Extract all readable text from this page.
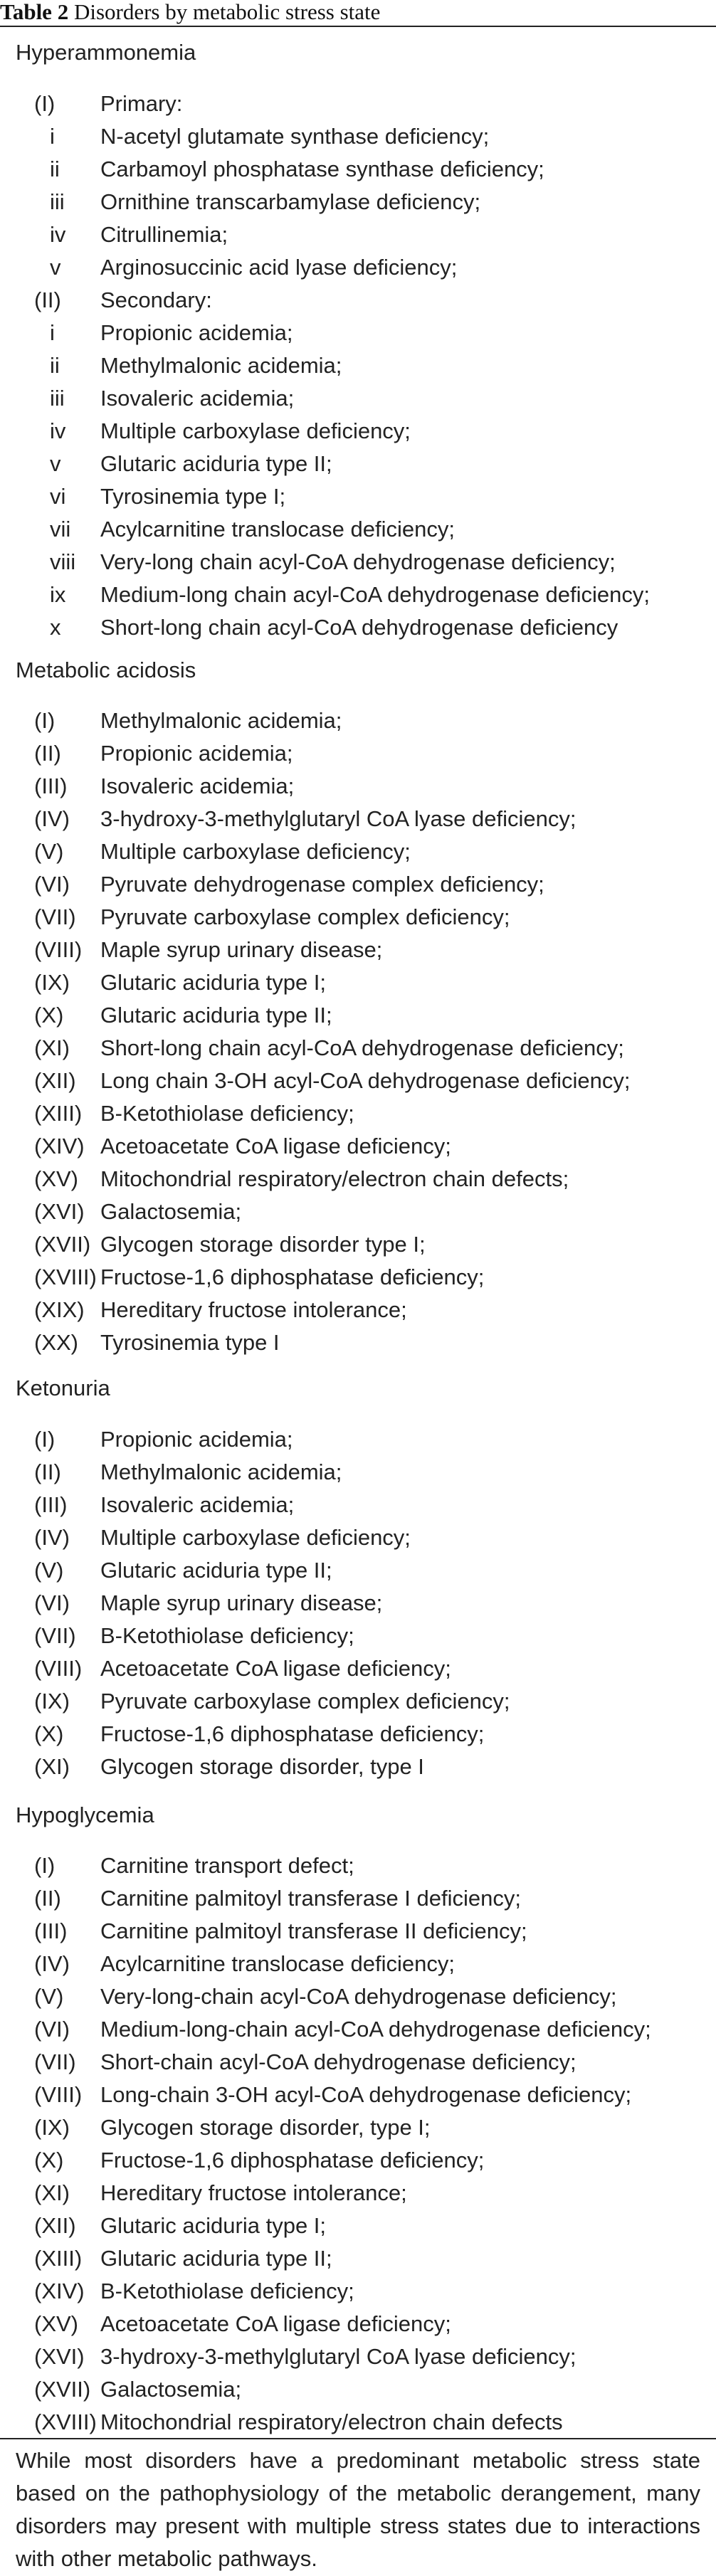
Table 2 Disorders by metabolic stress state
Hyperammonemia
Metabolic acidosis
Ketonuria
Hypoglycemia
(I) Primary:
i N-acetyl glutamate synthase deficiency;
ii Carbamoyl phosphatase synthase deficiency;
iii Ornithine transcarbamylase deficiency;
iv Citrullinemia;
v Arginosuccinic acid lyase deficiency;
(II) Secondary:
i Propionic acidemia;
ii Methylmalonic acidemia;
iii Isovaleric acidemia;
iv Multiple carboxylase deficiency;
v Glutaric aciduria type II;
vi Tyrosinemia type I;
vii Acylcarnitine translocase deficiency;
viii Very-long chain acyl-CoA dehydrogenase deficiency;
ix Medium-long chain acyl-CoA dehydrogenase deficiency;
x Short-long chain acyl-CoA dehydrogenase deficiency
(I) Methylmalonic acidemia;
(II) Propionic acidemia;
(III) Isovaleric acidemia;
(IV) 3-hydroxy-3-methylglutaryl CoA lyase deficiency;
(V) Multiple carboxylase deficiency;
(VI) Pyruvate dehydrogenase complex deficiency;
(VII) Pyruvate carboxylase complex deficiency;
(VIII) Maple syrup urinary disease;
(IX) Glutaric aciduria type I;
(X) Glutaric aciduria type II;
(XI) Short-long chain acyl-CoA dehydrogenase deficiency;
(XII) Long chain 3-OH acyl-CoA dehydrogenase deficiency;
(XIII) B-Ketothiolase deficiency;
(XIV) Acetoacetate CoA ligase deficiency;
(XV) Mitochondrial respiratory/electron chain defects;
(XVI) Galactosemia;
(XVII) Glycogen storage disorder type I;
(XVIII) Fructose-1,6 diphosphatase deficiency;
(XIX) Hereditary fructose intolerance;
(XX) Tyrosinemia type I
(I) Propionic acidemia;
(II) Methylmalonic acidemia;
(III) Isovaleric acidemia;
(IV) Multiple carboxylase deficiency;
(V) Glutaric aciduria type II;
(VI) Maple syrup urinary disease;
(VII) B-Ketothiolase deficiency;
(VIII) Acetoacetate CoA ligase deficiency;
(IX) Pyruvate carboxylase complex deficiency;
(X) Fructose-1,6 diphosphatase deficiency;
(XI) Glycogen storage disorder, type I
(I) Carnitine transport defect;
(II) Carnitine palmitoyl transferase I deficiency;
(III) Carnitine palmitoyl transferase II deficiency;
(IV) Acylcarnitine translocase deficiency;
(V) Very-long-chain acyl-CoA dehydrogenase deficiency;
(VI) Medium-long-chain acyl-CoA dehydrogenase deficiency;
(VII) Short-chain acyl-CoA dehydrogenase deficiency;
(VIII) Long-chain 3-OH acyl-CoA dehydrogenase deficiency;
(IX) Glycogen storage disorder, type I;
(X) Fructose-1,6 diphosphatase deficiency;
(XI) Hereditary fructose intolerance;
(XII) Glutaric aciduria type I;
(XIII) Glutaric aciduria type II;
(XIV) B-Ketothiolase deficiency;
(XV) Acetoacetate CoA ligase deficiency;
(XVI) 3-hydroxy-3-methylglutaryl CoA lyase deficiency;
(XVII) Galactosemia;
(XVIII) Mitochondrial respiratory/electron chain defects
While most disorders have a predominant metabolic stress state based on the pathophysiology of the metabolic derangement, many disorders may present with multiple stress states due to interactions with other metabolic pathways.
